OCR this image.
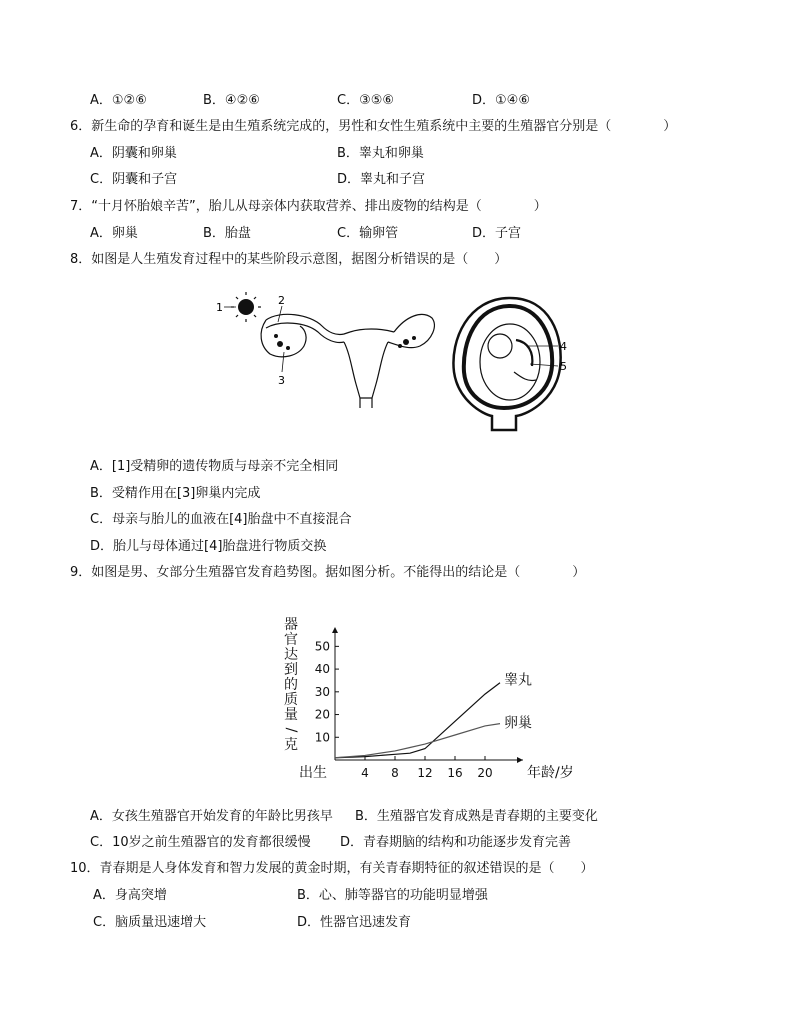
A．①②⑥	B．④②⑥	C．③⑤⑥	D．①④⑥
6．新生命的孕育和诞生是由生殖系统完成的，男性和女性生殖系统中主要的生殖器官分别是（　　　　）
A．阴囊和卵巢	B．睾丸和卵巢
C．阴囊和子宫	D．睾丸和子宫
7．“十月怀胎娘辛苦”，胎儿从母亲体内获取营养、排出废物的结构是（　　　　）
A．卵巢	B．胎盘	C．输卵管	D．子宫
8．如图是人生殖发育过程中的某些阶段示意图，据图分析错误的是（　　）
1
2
3
4
5
A．[1]受精卵的遗传物质与母亲不完全相同
B．受精作用在[3]卵巢内完成
C．母亲与胎儿的血液在[4]胎盘中不直接混合
D．胎儿与母体通过[4]胎盘进行物质交换
9．如图是男、女部分生殖器官发育趋势图。据如图分析。不能得出的结论是（　　　　）
10
20
30
40
50
出生	4 8 12 16 20 年龄/岁
器
官
达
到
的
质
量
/
克
睾丸
卵巢
A．女孩生殖器官开始发育的年龄比男孩早 B．生殖器官发育成熟是青春期的主要变化
C．10岁之前生殖器官的发育都很缓慢 D．青春期脑的结构和功能逐步发育完善
10．青春期是人身体发育和智力发展的黄金时期，有关青春期特征的叙述错误的是（　　）
A．身高突增	B．心、肺等器官的功能明显增强
C．脑质量迅速增大	D．性器官迅速发育
